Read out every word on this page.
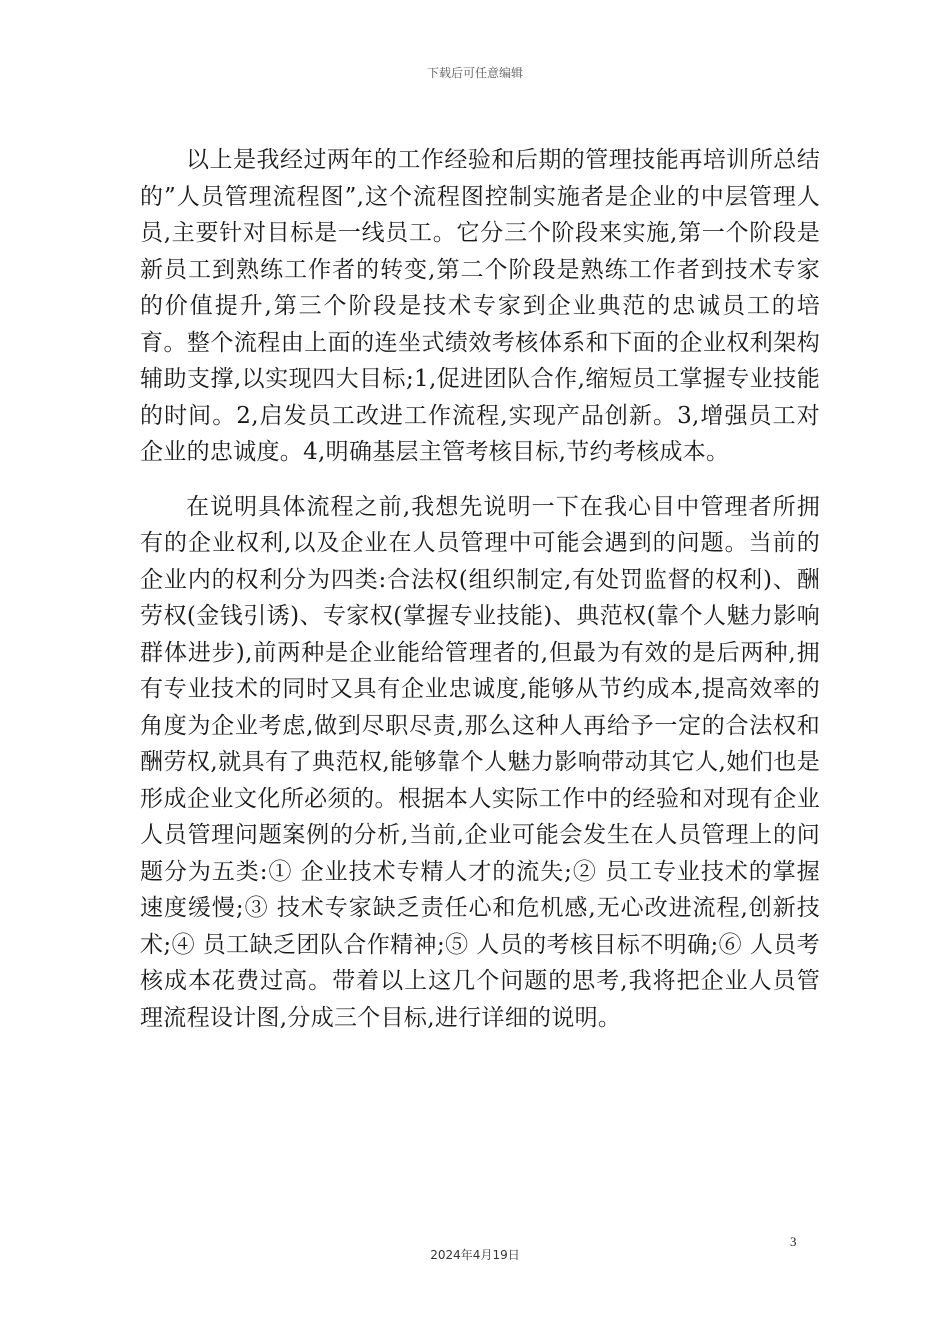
下载后可任意编辑

以上是我经过两年的工作经验和后期的管理技能再培训所总结的”人员管理流程图”,这个流程图控制实施者是企业的中层管理人员,主要针对目标是一线员工。它分三个阶段来实施,第一个阶段是新员工到熟练工作者的转变,第二个阶段是熟练工作者到技术专家的价值提升,第三个阶段是技术专家到企业典范的忠诚员工的培育。整个流程由上面的连坐式绩效考核体系和下面的企业权利架构辅助支撑,以实现四大目标;1,促进团队合作,缩短员工掌握专业技能的时间。2,启发员工改进工作流程,实现产品创新。3,增强员工对企业的忠诚度。4,明确基层主管考核目标,节约考核成本。

在说明具体流程之前,我想先说明一下在我心目中管理者所拥有的企业权利,以及企业在人员管理中可能会遇到的问题。当前的企业内的权利分为四类:合法权(组织制定,有处罚监督的权利)、酬劳权(金钱引诱)、专家权(掌握专业技能)、典范权(靠个人魅力影响群体进步),前两种是企业能给管理者的,但最为有效的是后两种,拥有专业技术的同时又具有企业忠诚度,能够从节约成本,提高效率的角度为企业考虑,做到尽职尽责,那么这种人再给予一定的合法权和酬劳权,就具有了典范权,能够靠个人魅力影响带动其它人,她们也是形成企业文化所必须的。根据本人实际工作中的经验和对现有企业人员管理问题案例的分析,当前,企业可能会发生在人员管理上的问题分为五类:① 企业技术专精人才的流失;② 员工专业技术的掌握速度缓慢;③ 技术专家缺乏责任心和危机感,无心改进流程,创新技术;④ 员工缺乏团队合作精神;⑤ 人员的考核目标不明确;⑥ 人员考核成本花费过高。带着以上这几个问题的思考,我将把企业人员管理流程设计图,分成三个目标,进行详细的说明。

3
2024年4月19日
